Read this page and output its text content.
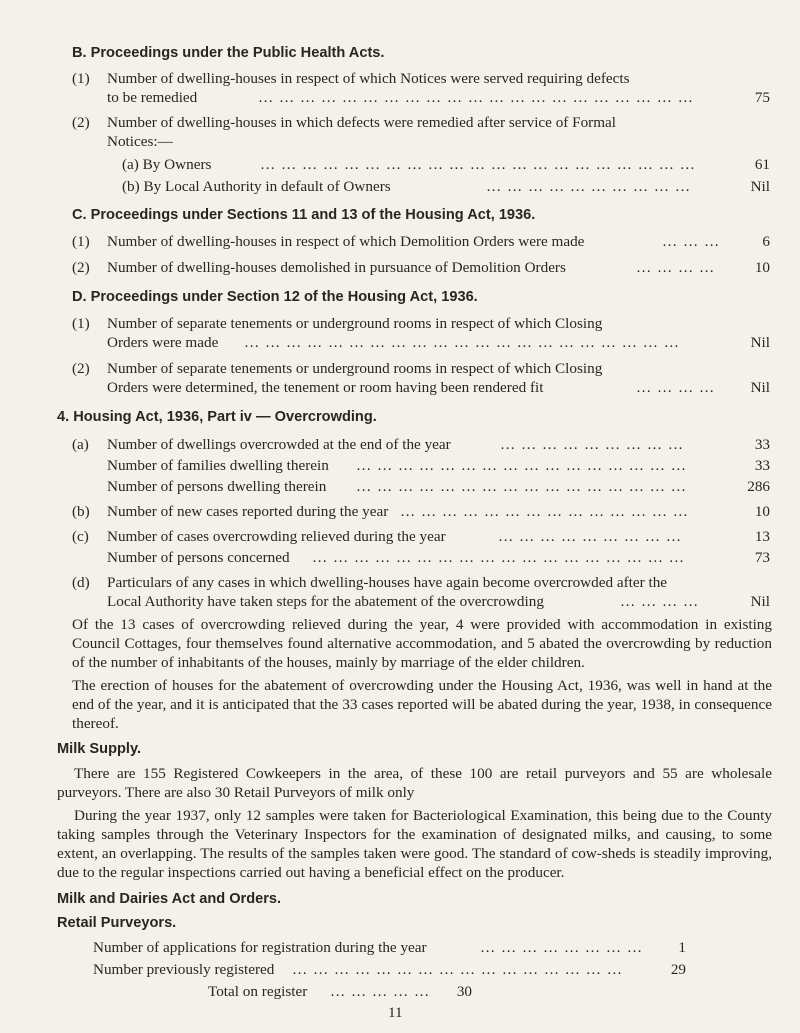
B. Proceedings under the Public Health Acts.
(1) Number of dwelling-houses in respect of which Notices were served requiring defects
to be remedied	… … … … … … … … … … … … … … … … … … … … …	75
(2) Number of dwelling-houses in which defects were remedied after service of Formal
Notices:—
(a) By Owners	… … … … … … … … … … … … … … … … … … … … …	61
(b) By Local Authority in default of Owners	… … … … … … … … … …	Nil
C. Proceedings under Sections 11 and 13 of the Housing Act, 1936.
(1) Number of dwelling-houses in respect of which Demolition Orders were made	… … …	6
(2) Number of dwelling-houses demolished in pursuance of Demolition Orders	… … … …	10
D. Proceedings under Section 12 of the Housing Act, 1936.
(1) Number of separate tenements or underground rooms in respect of which Closing
Orders were made … … … … … … … … … … … … … … … … … … … … …	Nil
(2) Number of separate tenements or underground rooms in respect of which Closing
Orders were determined, the tenement or room having been rendered fit	… … … …	Nil
4. Housing Act, 1936, Part iv — Overcrowding.
(a) Number of dwellings overcrowded at the end of the year	… … … … … … … … …	33
Number of families dwelling therein … … … … … … … … … … … … … … … …	33
Number of persons dwelling therein … … … … … … … … … … … … … … … …	286
(b) Number of new cases reported during the year … … … … … … … … … … … … … …	10
(c) Number of cases overcrowding relieved during the year	… … … … … … … … …	13
Number of persons concerned … … … … … … … … … … … … … … … … … …	73
(d) Particulars of any cases in which dwelling-houses have again become overcrowded after the
Local Authority have taken steps for the abatement of the overcrowding	… … … …	Nil
Of the 13 cases of overcrowding relieved during the year, 4 were provided with accommodation in existing Council Cottages, four themselves found alternative accommodation, and 5 abated the overcrowding by reduction of the number of inhabitants of the houses, mainly by marriage of the elder children.
The erection of houses for the abatement of overcrowding under the Housing Act, 1936, was well in hand at the end of the year, and it is anticipated that the 33 cases reported will be abated during the year, 1938, in consequence thereof.
Milk Supply.
There are 155 Registered Cowkeepers in the area, of these 100 are retail purveyors and 55 are wholesale purveyors. There are also 30 Retail Purveyors of milk only
During the year 1937, only 12 samples were taken for Bacteriological Examination, this being due to the County taking samples through the Veterinary Inspectors for the examination of designated milks, and causing, to some extent, an overlapping. The results of the samples taken were good. The standard of cow-sheds is steadily improving, due to the regular inspections carried out having a beneficial effect on the producer.
Milk and Dairies Act and Orders.
Retail Purveyors.
Number of applications for registration during the year	… … … … … … … …	1
Number previously registered … … … … … … … … … … … … … … … …	29
Total on register … … … … …	30
11
